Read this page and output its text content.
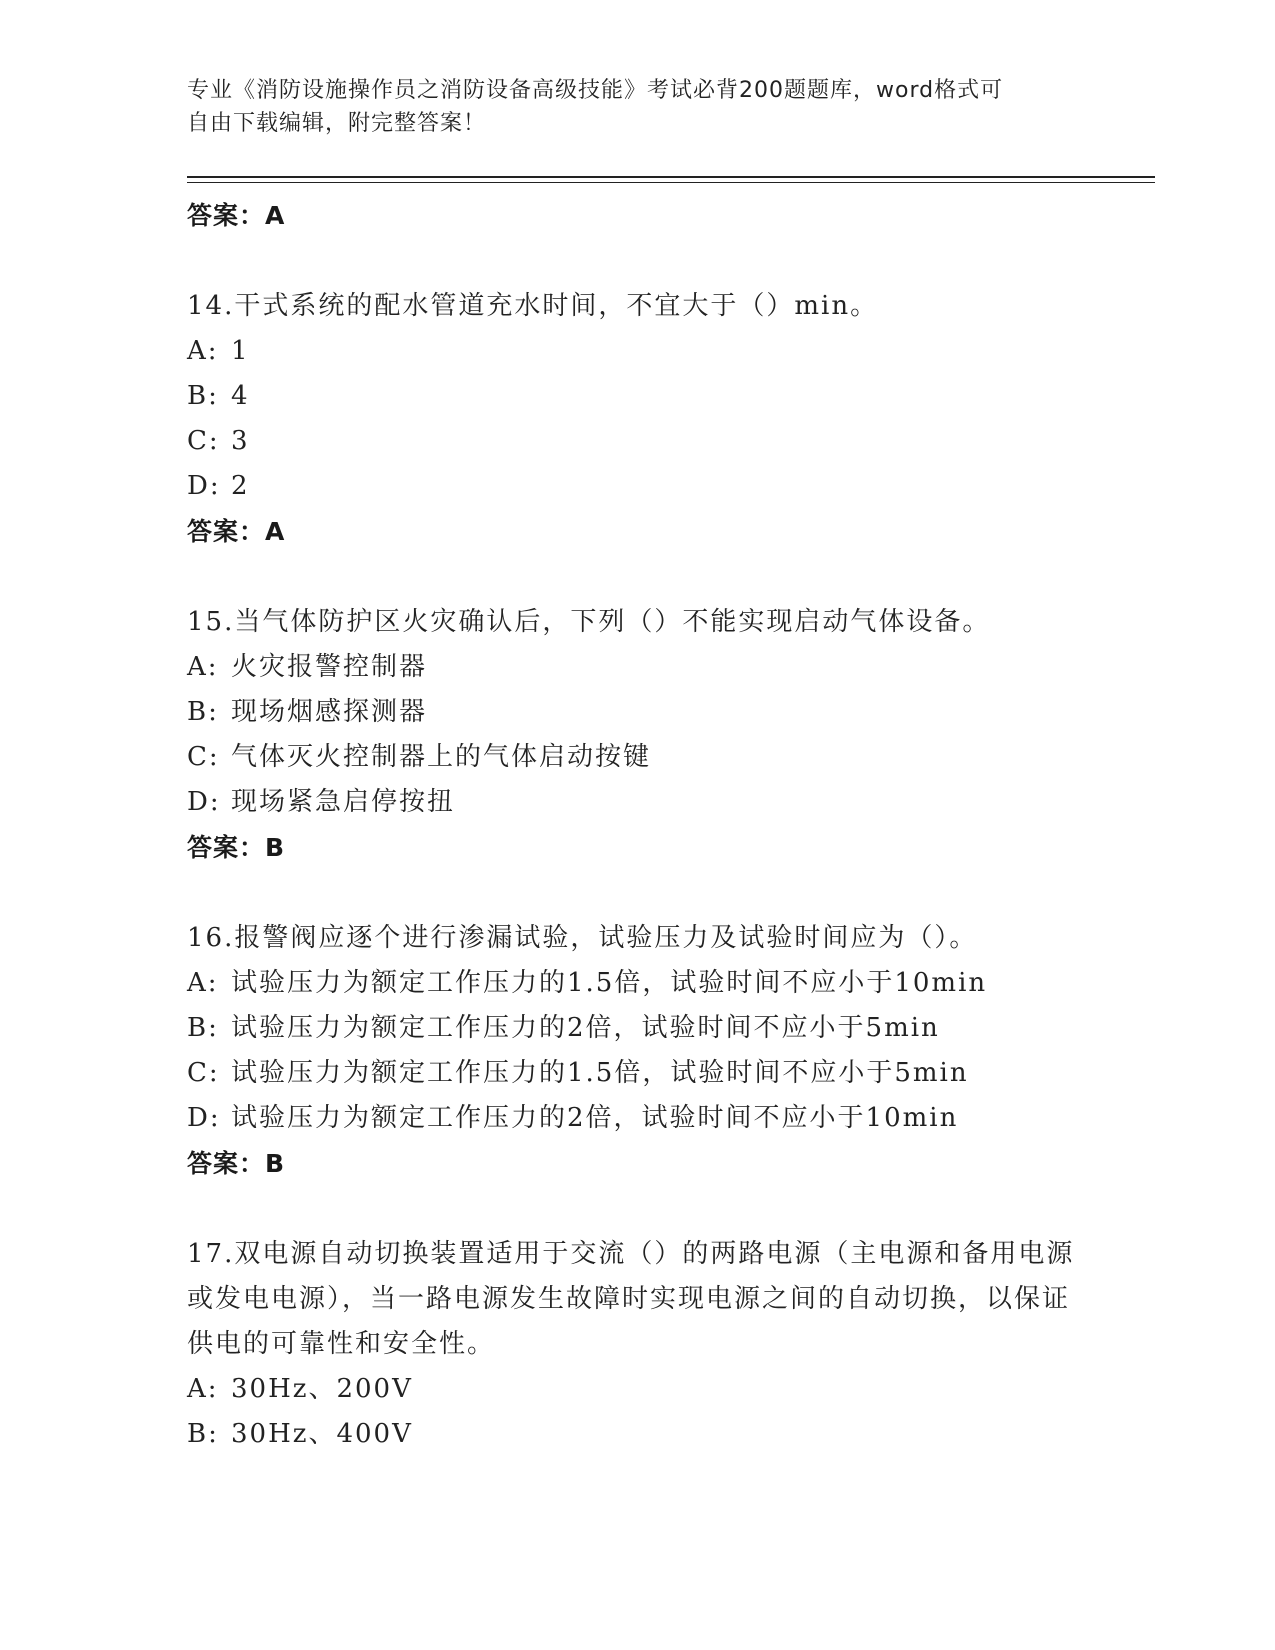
专业《消防设施操作员之消防设备高级技能》考试必背200题题库，word格式可
自由下载编辑，附完整答案！
答案：A
14.干式系统的配水管道充水时间，不宜大于（）min。
A: 1
B: 4
C: 3
D: 2
答案：A
15.当气体防护区火灾确认后，下列（）不能实现启动气体设备。
A: 火灾报警控制器
B: 现场烟感探测器
C: 气体灭火控制器上的气体启动按键
D: 现场紧急启停按扭
答案：B
16.报警阀应逐个进行渗漏试验，试验压力及试验时间应为（）。
A: 试验压力为额定工作压力的1.5倍，试验时间不应小于10min
B: 试验压力为额定工作压力的2倍，试验时间不应小于5min
C: 试验压力为额定工作压力的1.5倍，试验时间不应小于5min
D: 试验压力为额定工作压力的2倍，试验时间不应小于10min
答案：B
17.双电源自动切换装置适用于交流（）的两路电源（主电源和备用电源或发电电源），当一路电源发生故障时实现电源之间的自动切换，以保证供电的可靠性和安全性。
A: 30Hz、200V
B: 30Hz、400V
